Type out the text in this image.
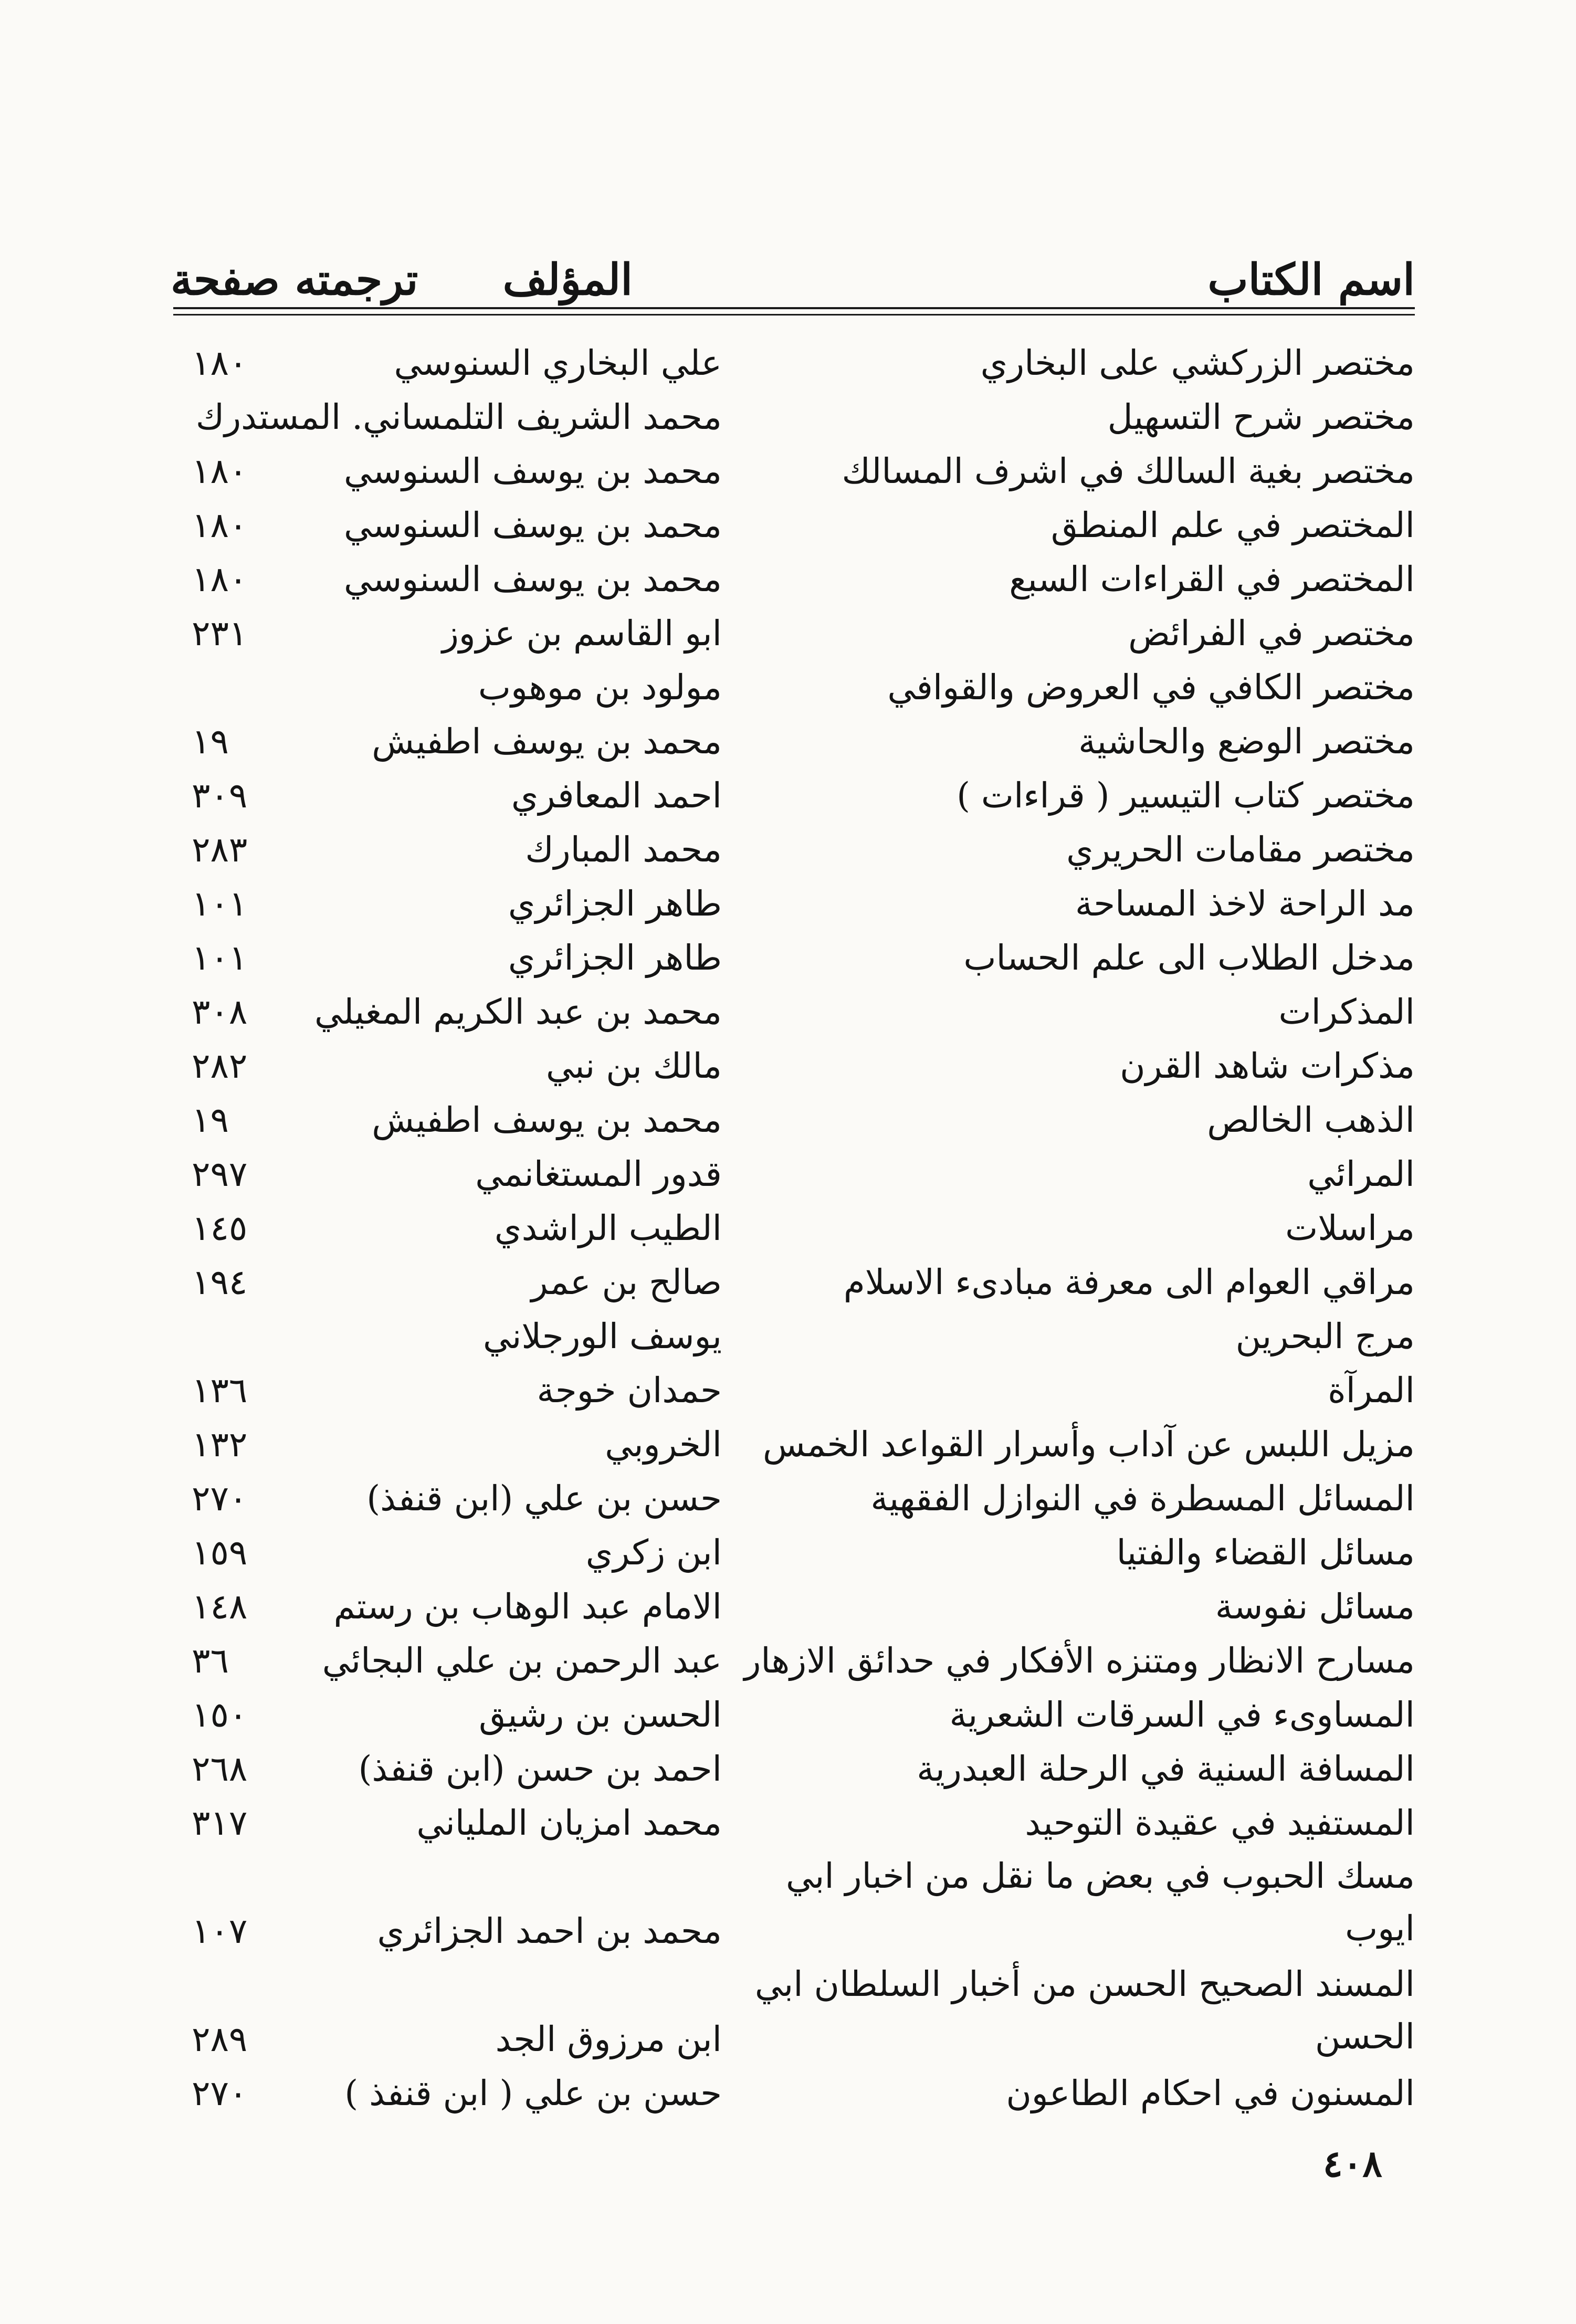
اسم الكتاب
المؤلف
ترجمته صفحة
مختصر الزركشي على البخاري
علي البخاري السنوسي
١٨٠
مختصر شرح التسهيل
محمد الشريف التلمساني. المستدرك
مختصر بغية السالك في اشرف المسالك
محمد بن يوسف السنوسي
١٨٠
المختصر في علم المنطق
محمد بن يوسف السنوسي
١٨٠
المختصر في القراءات السبع
محمد بن يوسف السنوسي
١٨٠
مختصر في الفرائض
ابو القاسم بن عزوز
٢٣١
مختصر الكافي في العروض والقوافي
مولود بن موهوب
مختصر الوضع والحاشية
محمد بن يوسف اطفيش
١٩
مختصر كتاب التيسير ( قراءات )
احمد المعافري
٣٠٩
مختصر مقامات الحريري
محمد المبارك
٢٨٣
مد الراحة لاخذ المساحة
طاهر الجزائري
١٠١
مدخل الطلاب الى علم الحساب
طاهر الجزائري
١٠١
المذكرات
محمد بن عبد الكريم المغيلي
٣٠٨
مذكرات شاهد القرن
مالك بن نبي
٢٨٢
الذهب الخالص
محمد بن يوسف اطفيش
١٩
المرائي
قدور المستغانمي
٢٩٧
مراسلات
الطيب الراشدي
١٤٥
مراقي العوام الى معرفة مبادىء الاسلام
صالح بن عمر
١٩٤
مرج البحرين
يوسف الورجلاني
المرآة
حمدان خوجة
١٣٦
مزيل اللبس عن آداب وأسرار القواعد الخمس
الخروبي
١٣٢
المسائل المسطرة في النوازل الفقهية
حسن بن علي (ابن قنفذ)
٢٧٠
مسائل القضاء والفتيا
ابن زكري
١٥٩
مسائل نفوسة
الامام عبد الوهاب بن رستم
١٤٨
مسارح الانظار ومتنزه الأفكار في حدائق الازهار
عبد الرحمن بن علي البجائي
٣٦
المساوىء في السرقات الشعرية
الحسن بن رشيق
١٥٠
المسافة السنية في الرحلة العبدرية
احمد بن حسن (ابن قنفذ)
٢٦٨
المستفيد في عقيدة التوحيد
محمد امزيان الملياني
٣١٧
مسك الحبوب في بعض ما نقل من اخبار ابي ايوب
محمد بن احمد الجزائري
١٠٧
المسند الصحيح الحسن من أخبار السلطان ابي الحسن
ابن مرزوق الجد
٢٨٩
المسنون في احكام الطاعون
حسن بن علي ( ابن قنفذ )
٢٧٠
٤٠٨
